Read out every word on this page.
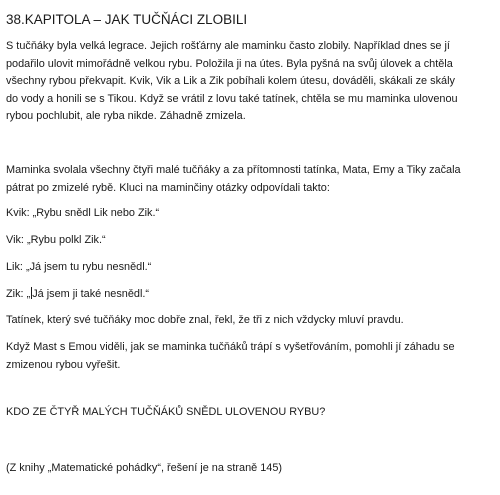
38.KAPITOLA – JAK TUČŇÁCI ZLOBILI
S tučňáky byla velká legrace. Jejich rošťárny ale maminku často zlobily. Například dnes se jí
podařilo ulovit mimořádně velkou rybu. Položila ji na útes. Byla pyšná na svůj úlovek a chtěla
všechny rybou překvapit. Kvik, Vik a Lik a Zik pobíhali kolem útesu, dováděli, skákali ze skály
do vody a honili se s Tikou. Když se vrátil z lovu také tatínek, chtěla se mu maminka ulovenou
rybou pochlubit, ale ryba nikde. Záhadně zmizela.
Maminka svolala všechny čtyři malé tučňáky a za přítomnosti tatínka, Mata, Emy a Tiky začala
pátrat po zmizelé rybě. Kluci na maminčiny otázky odpovídali takto:
Kvik: „Rybu snědl Lik nebo Zik.“
Vik: „Rybu polkl Zik.“
Lik: „Já jsem tu rybu nesnědl.“
Zik: „ Já jsem ji také nesnědl.“
Tatínek, který své tučňáky moc dobře znal, řekl, že tři z nich vždycky mluví pravdu.
Když Mast s Emou viděli, jak se maminka tučňáků trápí s vyšetřováním, pomohli jí záhadu se
zmizenou rybou vyřešit.
KDO ZE ČTYŘ MALÝCH TUČŇÁKŮ SNĚDL ULOVENOU RYBU?
(Z knihy „Matematické pohádky“, řešení je na straně 145)
